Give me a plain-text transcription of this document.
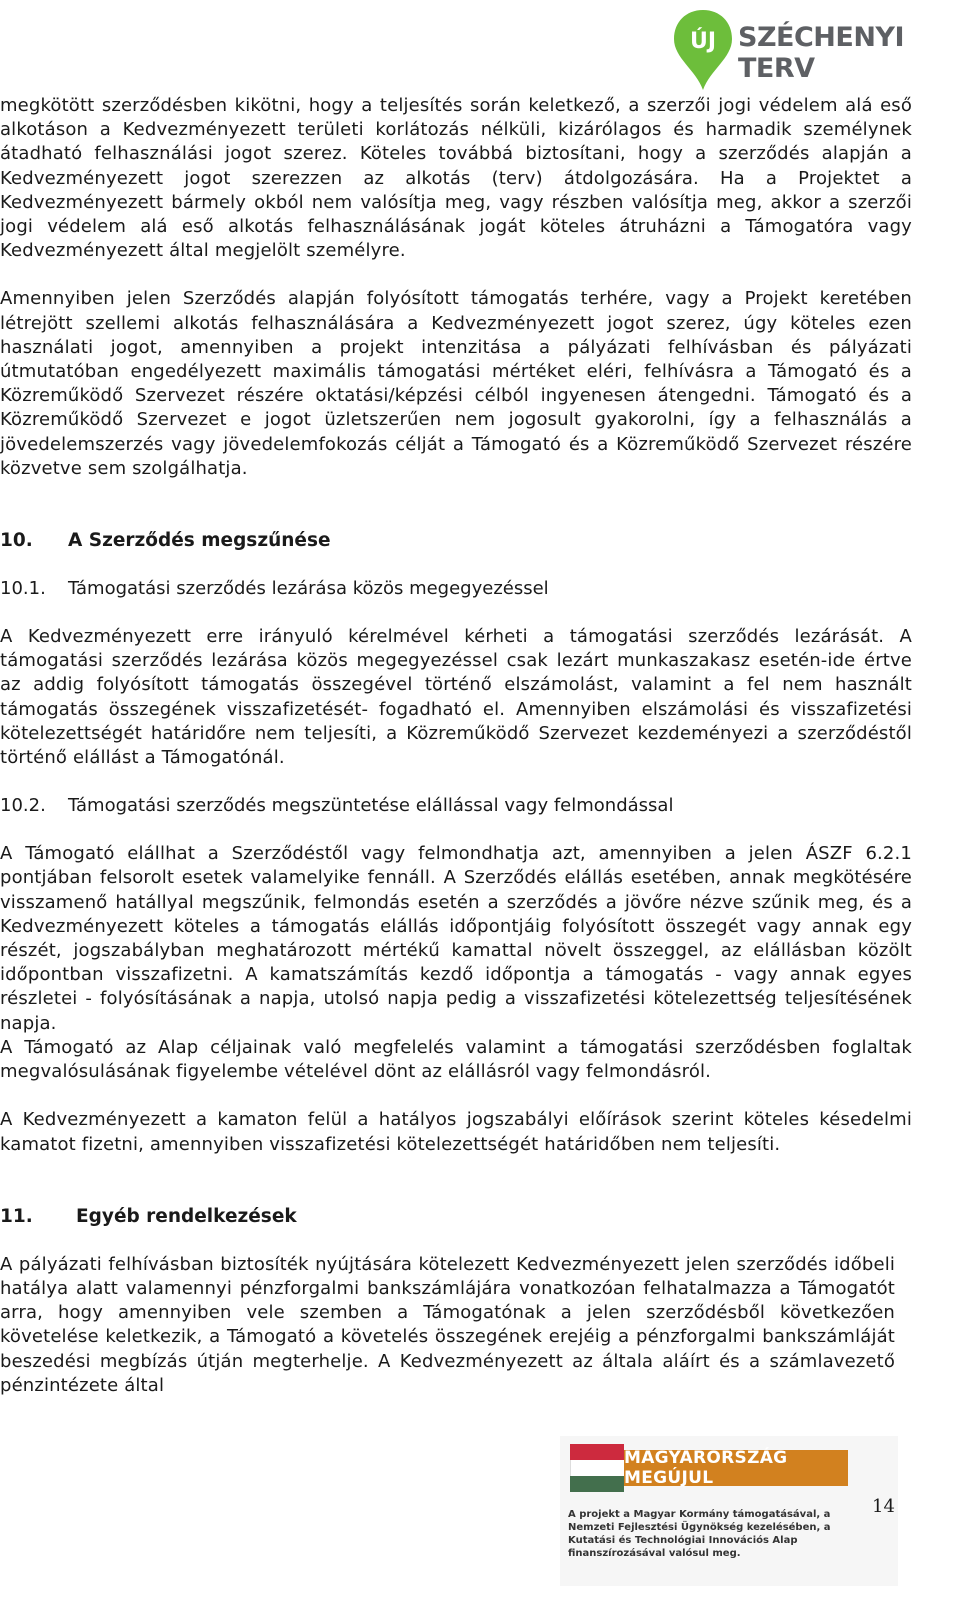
ÚJ SZÉCHENYI TERV

megkötött szerződésben kikötni, hogy a teljesítés során keletkező, a szerzői jogi védelem alá eső alkotáson a Kedvezményezett területi korlátozás nélküli, kizárólagos és harmadik személynek átadható felhasználási jogot szerez. Köteles továbbá biztosítani, hogy a szerződés alapján a Kedvezményezett jogot szerezzen az alkotás (terv) átdolgozására. Ha a Projektet a Kedvezményezett bármely okból nem valósítja meg, vagy részben valósítja meg, akkor a szerzői jogi védelem alá eső alkotás felhasználásának jogát köteles átruházni a Támogatóra vagy Kedvezményezett által megjelölt személyre.

Amennyiben jelen Szerződés alapján folyósított támogatás terhére, vagy a Projekt keretében létrejött szellemi alkotás felhasználására a Kedvezményezett jogot szerez, úgy köteles ezen használati jogot, amennyiben a projekt intenzitása a pályázati felhívásban és pályázati útmutatóban engedélyezett maximális támogatási mértéket eléri, felhívásra a Támogató és a Közreműködő Szervezet részére oktatási/képzési célból ingyenesen átengedni. Támogató és a Közreműködő Szervezet e jogot üzletszerűen nem jogosult gyakorolni, így a felhasználás a jövedelemszerzés vagy jövedelemfokozás célját a Támogató és a Közreműködő Szervezet részére közvetve sem szolgálhatja.

10.	A Szerződés megszűnése
10.1.	Támogatási szerződés lezárása közös megegyezéssel

A Kedvezményezett erre irányuló kérelmével kérheti a támogatási szerződés lezárását. A támogatási szerződés lezárása közös megegyezéssel csak lezárt munkaszakasz esetén-ide értve az addig folyósított támogatás összegével történő elszámolást, valamint a fel nem használt támogatás összegének visszafizetését- fogadható el. Amennyiben elszámolási és visszafizetési kötelezettségét határidőre nem teljesíti, a Közreműködő Szervezet kezdeményezi a szerződéstől történő elállást a Támogatónál.

10.2.	Támogatási szerződés megszüntetése elállással vagy felmondással

A Támogató elállhat a Szerződéstől vagy felmondhatja azt, amennyiben a jelen ÁSZF 6.2.1 pontjában felsorolt esetek valamelyike fennáll. A Szerződés elállás esetében, annak megkötésére visszamenő hatállyal megszűnik, felmondás esetén a szerződés a jövőre nézve szűnik meg, és a Kedvezményezett köteles a támogatás elállás időpontjáig folyósított összegét vagy annak egy részét, jogszabályban meghatározott mértékű kamattal növelt összeggel, az elállásban közölt időpontban visszafizetni. A kamatszámítás kezdő időpontja a támogatás - vagy annak egyes részletei - folyósításának a napja, utolsó napja pedig a visszafizetési kötelezettség teljesítésének napja.

A Támogató az Alap céljainak való megfelelés valamint a támogatási szerződésben foglaltak megvalósulásának figyelembe vételével dönt az elállásról vagy felmondásról.

A Kedvezményezett a kamaton felül a hatályos jogszabályi előírások szerint köteles késedelmi kamatot fizetni, amennyiben visszafizetési kötelezettségét határidőben nem teljesíti.

11.	Egyéb rendelkezések

A pályázati felhívásban biztosíték nyújtására kötelezett Kedvezményezett jelen szerződés időbeli hatálya alatt valamennyi pénzforgalmi bankszámlájára vonatkozóan felhatalmazza a Támogatót arra, hogy amennyiben vele szemben a Támogatónak a jelen szerződésből következően követelése keletkezik, a Támogató a követelés összegének erejéig a pénzforgalmi bankszámláját beszedési megbízás útján megterhelje. A Kedvezményezett az általa aláírt és a számlavezető pénzintézete által

MAGYARORSZÁG MEGÚJUL
A projekt a Magyar Kormány támogatásával, a Nemzeti Fejlesztési Ügynökség kezelésében, a Kutatási és Technológiai Innovációs Alap finanszírozásával valósul meg.
14
